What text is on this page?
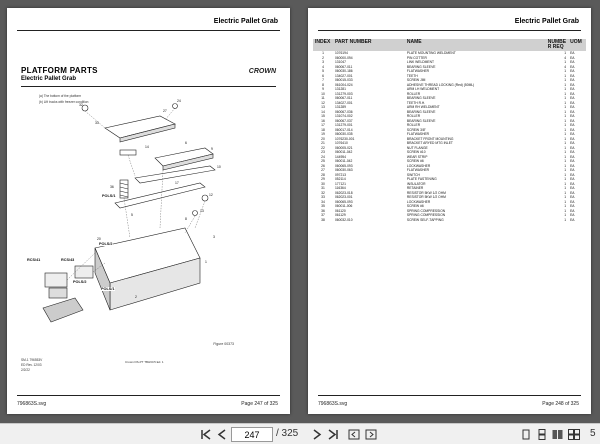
Electric Pallet Grab
PLATFORM PARTS
Electric Pallet Grab
CROWN
(a) The bottom of the platform
(b) Lift trucks with freezer condition
32
24
33
27
14
6
9
10
12
13
36
5
17
8
3
1
20
2
POLS/1
POLS/2
RCS/41	RCS/43
POLS/2
POLS/1
Figure 00373
SM-1 796553V
ED Rev. 12/03
2/2/22
Crown DS-PT TBH6C5 Ed. 1
796863S.svg	Page 247 of 325
Electric Pallet Grab
INDEX	PART NUMBER	NAME	NUMBE
R REQ	UOM
1	1076194	PLATE MOUNTING WELDMENT	1	EA
2	060000-094	PIN COTTER	4	EA
3	131047	LINK WELDMENT	1	EA
4	060067-011	BEARING SLEEVE	4	EA
5	060030-186	FLATWASHER	1	EA
6	134027-001	TEETH	1	EA
7	060015-033	SCREW JIM	1	EA
8	061004-024	ADHESIVE THREAD LOCKING (Red) (50ML)	1	EA
9	131281	ARM LH WELDMENT	1	EA
10	131279-003	ROLLER	1	EA
11	060067-011	BEARING SLEEVE	1	EA
12	134027-001	TEETH R.H.	1	EA
13	131289	ARM RH WELDMENT	1	EA
14	060067-036	BEARING SLEEVE	1	EA
15	131074-002	ROLLER	1	EA
16	060067-037	BEARING SLEEVE	1	EA
17	131279-001	ROLLER	1	EA
18	060017-014	SCREW 3/8"	1	EA
19	060030-035	FLATWASHER	1	EA
20	1076230-001	BRACKET FRONT MOUNTING	1	EA
21	1076410	BRACKET ARYED MTG INLET	1	EA
22	060005-021	NUT FLANGE	1	EA
23	060011-042	SCREW #10	1	EA
24	144954	WEAR STRIP	1	EA
25	060011-042	SCREW #6	1	EA
26	060065-093	LOCKWASHER	1	EA
27	060030-063	FLATWASHER	1	EA
28	097213	SWITCH	1	EA
29	052114	PLATE FASTENING	1	EA
30	177121	INSULATOR	1	EA
31	116364	RETAINER	1	EA
32	062023-018	RESISTOR 5KW 1/2 OHM	1	EA
33	062023-001	RESISTOR 5KW 1/2 OHM	1	EA
34	060065-093	LOCKWASHER	1	EA
35	060011-006	SCREW #6	1	EA
36	061120	SPRING COMPRESSION	1	EA
37	061129	SPRING COMPRESSION	1	EA
38	060032-010	SCREW SELF-TAPPING	1	EA
796863S.svg	Page 248 of 325
247
/ 325	5
